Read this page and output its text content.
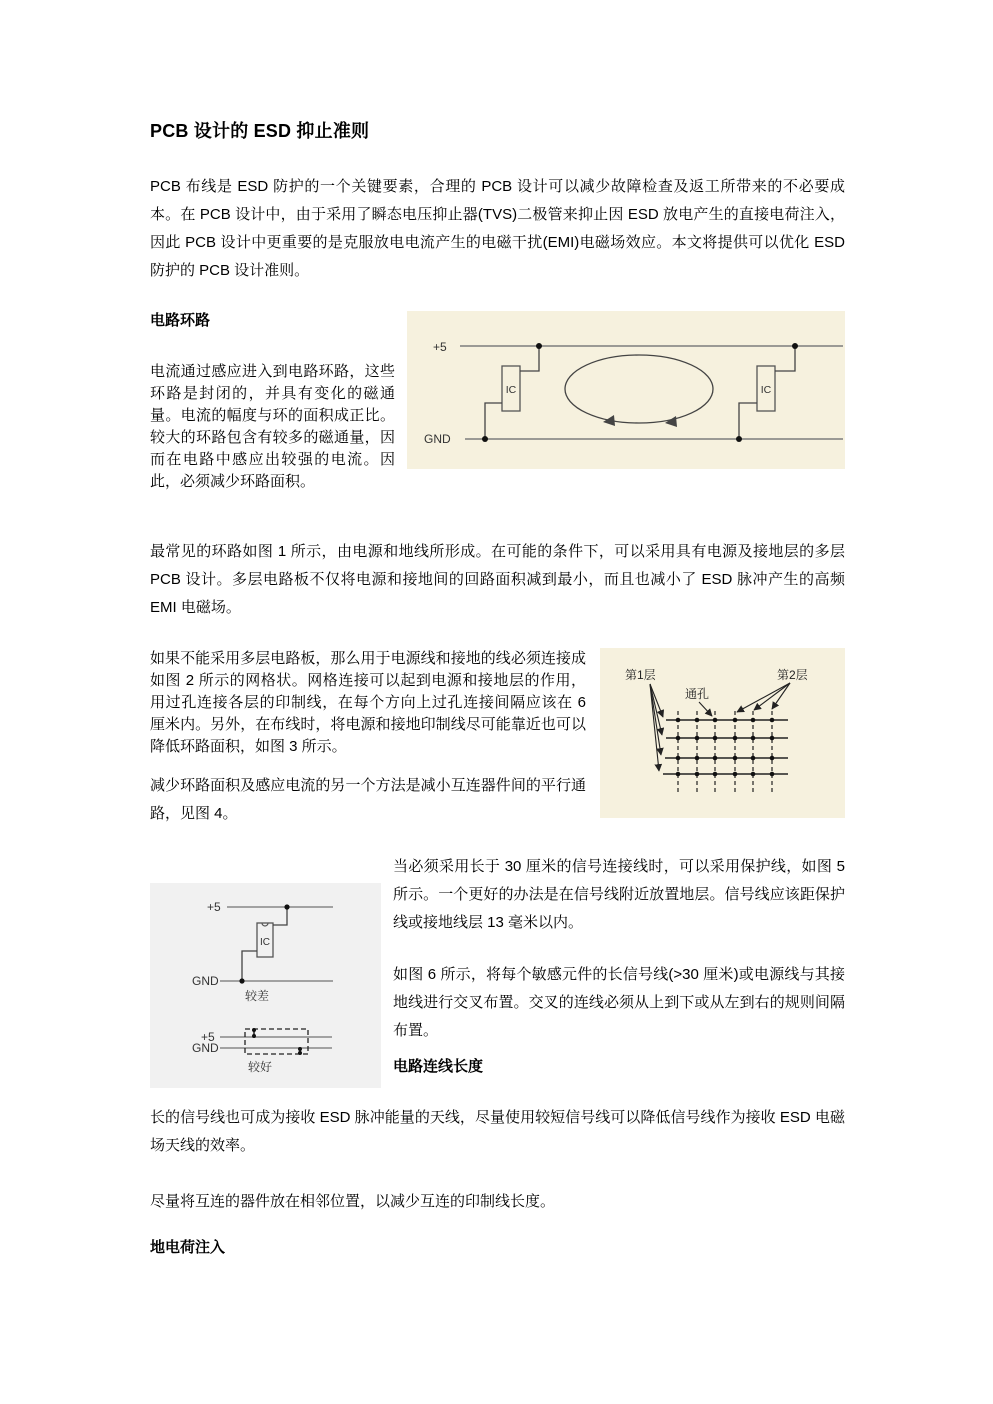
PCB 设计的 ESD 抑止准则

PCB 布线是 ESD 防护的一个关键要素，合理的 PCB 设计可以减少故障检查及返工所带来的不必要成本。在 PCB 设计中，由于采用了瞬态电压抑止器(TVS)二极管来抑止因 ESD 放电产生的直接电荷注入，因此 PCB 设计中更重要的是克服放电电流产生的电磁干扰(EMI)电磁场效应。本文将提供可以优化 ESD 防护的 PCB 设计准则。

电路环路

电流通过感应进入到电路环路，这些环路是封闭的，并具有变化的磁通量。电流的幅度与环的面积成正比。较大的环路包含有较多的磁通量，因而在电路中感应出较强的电流。因此，必须减少环路面积。

+5
GND
IC	IC

最常见的环路如图 1 所示，由电源和地线所形成。在可能的条件下，可以采用具有电源及接地层的多层 PCB 设计。多层电路板不仅将电源和接地间的回路面积减到最小，而且也减小了 ESD 脉冲产生的高频 EMI 电磁场。

第1层
通孔
第2层

如果不能采用多层电路板，那么用于电源线和接地的线必须连接成如图 2 所示的网格状。网格连接可以起到电源和接地层的作用，用过孔连接各层的印制线，在每个方向上过孔连接间隔应该在 6 厘米内。另外，在布线时，将电源和接地印制线尽可能靠近也可以降低环路面积，如图 3 所示。

减少环路面积及感应电流的另一个方法是减小互连器件间的平行通路，见图 4。

+5
GND
IC
较差
+5
GND
较好

当必须采用长于 30 厘米的信号连接线时，可以采用保护线，如图 5 所示。一个更好的办法是在信号线附近放置地层。信号线应该距保护线或接地线层 13 毫米以内。

如图 6 所示，将每个敏感元件的长信号线(>30 厘米)或电源线与其接地线进行交叉布置。交叉的连线必须从上到下或从左到右的规则间隔布置。

电路连线长度

长的信号线也可成为接收 ESD 脉冲能量的天线，尽量使用较短信号线可以降低信号线作为接收 ESD 电磁场天线的效率。

尽量将互连的器件放在相邻位置，以减少互连的印制线长度。

地电荷注入
